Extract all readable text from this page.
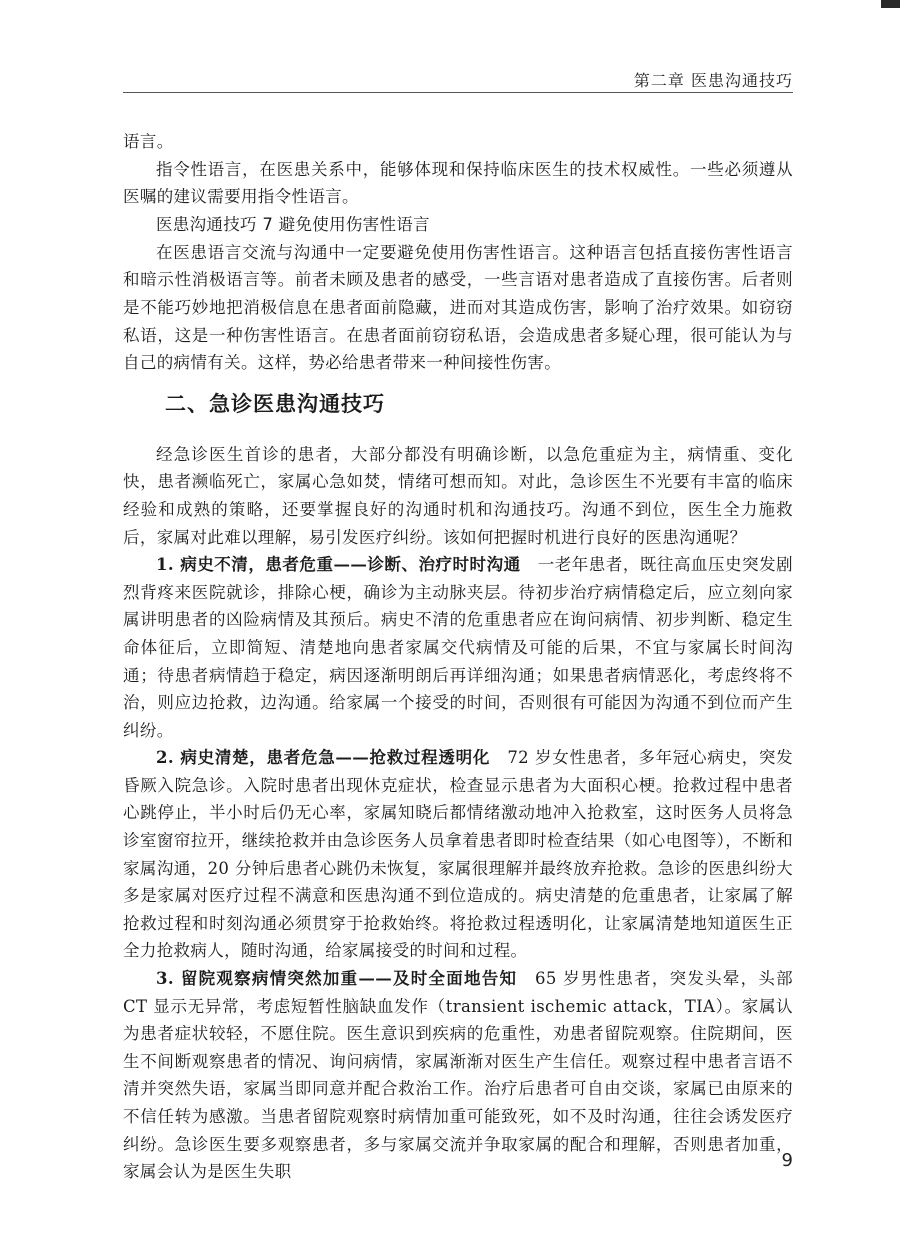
第二章 医患沟通技巧

语言。

指令性语言，在医患关系中，能够体现和保持临床医生的技术权威性。一些必须遵从医嘱的建议需要用指令性语言。

医患沟通技巧 7 避免使用伤害性语言

在医患语言交流与沟通中一定要避免使用伤害性语言。这种语言包括直接伤害性语言和暗示性消极语言等。前者未顾及患者的感受，一些言语对患者造成了直接伤害。后者则是不能巧妙地把消极信息在患者面前隐藏，进而对其造成伤害，影响了治疗效果。如窃窃私语，这是一种伤害性语言。在患者面前窃窃私语，会造成患者多疑心理，很可能认为与自己的病情有关。这样，势必给患者带来一种间接性伤害。

二、急诊医患沟通技巧

经急诊医生首诊的患者，大部分都没有明确诊断，以急危重症为主，病情重、变化快，患者濒临死亡，家属心急如焚，情绪可想而知。对此，急诊医生不光要有丰富的临床经验和成熟的策略，还要掌握良好的沟通时机和沟通技巧。沟通不到位，医生全力施救后，家属对此难以理解，易引发医疗纠纷。该如何把握时机进行良好的医患沟通呢？

1. 病史不清，患者危重——诊断、治疗时时沟通　一老年患者，既往高血压史突发剧烈背疼来医院就诊，排除心梗，确诊为主动脉夹层。待初步治疗病情稳定后，应立刻向家属讲明患者的凶险病情及其预后。病史不清的危重患者应在询问病情、初步判断、稳定生命体征后，立即简短、清楚地向患者家属交代病情及可能的后果，不宜与家属长时间沟通；待患者病情趋于稳定，病因逐渐明朗后再详细沟通；如果患者病情恶化，考虑终将不治，则应边抢救，边沟通。给家属一个接受的时间，否则很有可能因为沟通不到位而产生纠纷。

2. 病史清楚，患者危急——抢救过程透明化　72 岁女性患者，多年冠心病史，突发昏厥入院急诊。入院时患者出现休克症状，检查显示患者为大面积心梗。抢救过程中患者心跳停止，半小时后仍无心率，家属知晓后都情绪激动地冲入抢救室，这时医务人员将急诊室窗帘拉开，继续抢救并由急诊医务人员拿着患者即时检查结果（如心电图等），不断和家属沟通，20 分钟后患者心跳仍未恢复，家属很理解并最终放弃抢救。急诊的医患纠纷大多是家属对医疗过程不满意和医患沟通不到位造成的。病史清楚的危重患者，让家属了解抢救过程和时刻沟通必须贯穿于抢救始终。将抢救过程透明化，让家属清楚地知道医生正全力抢救病人，随时沟通，给家属接受的时间和过程。

3. 留院观察病情突然加重——及时全面地告知　65 岁男性患者，突发头晕，头部 CT 显示无异常，考虑短暂性脑缺血发作（transient ischemic attack，TIA）。家属认为患者症状较轻，不愿住院。医生意识到疾病的危重性，劝患者留院观察。住院期间，医生不间断观察患者的情况、询问病情，家属渐渐对医生产生信任。观察过程中患者言语不清并突然失语，家属当即同意并配合救治工作。治疗后患者可自由交谈，家属已由原来的不信任转为感激。当患者留院观察时病情加重可能致死，如不及时沟通，往往会诱发医疗纠纷。急诊医生要多观察患者，多与家属交流并争取家属的配合和理解，否则患者加重，家属会认为是医生失职

9
